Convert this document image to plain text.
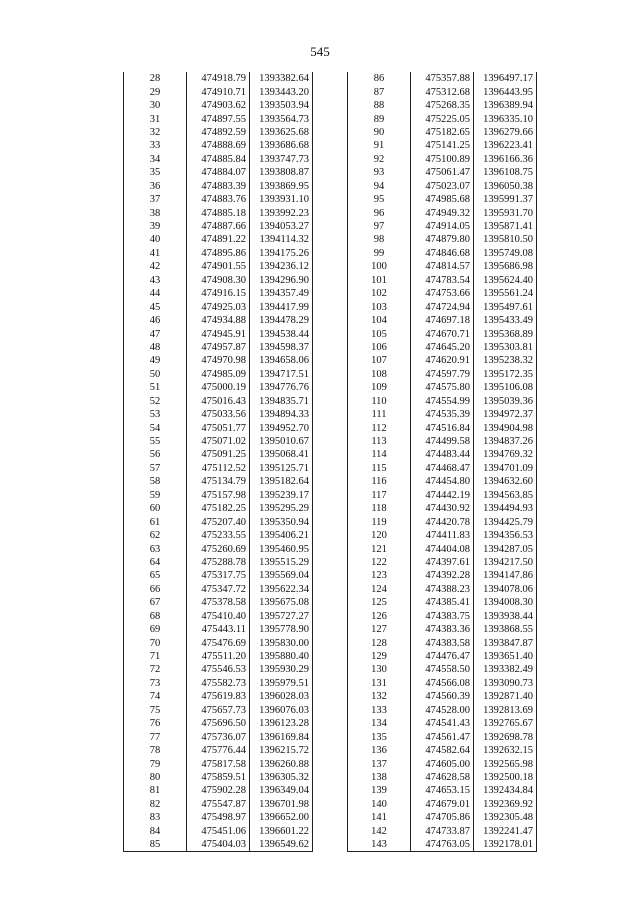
545
28	474918.79	1393382.64
29	474910.71	1393443.20
30	474903.62	1393503.94
31	474897.55	1393564.73
32	474892.59	1393625.68
33	474888.69	1393686.68
34	474885.84	1393747.73
35	474884.07	1393808.87
36	474883.39	1393869.95
37	474883.76	1393931.10
38	474885.18	1393992.23
39	474887.66	1394053.27
40	474891.22	1394114.32
41	474895.86	1394175.26
42	474901.55	1394236.12
43	474908.30	1394296.90
44	474916.15	1394357.49
45	474925.03	1394417.99
46	474934.88	1394478.29
47	474945.91	1394538.44
48	474957.87	1394598.37
49	474970.98	1394658.06
50	474985.09	1394717.51
51	475000.19	1394776.76
52	475016.43	1394835.71
53	475033.56	1394894.33
54	475051.77	1394952.70
55	475071.02	1395010.67
56	475091.25	1395068.41
57	475112.52	1395125.71
58	475134.79	1395182.64
59	475157.98	1395239.17
60	475182.25	1395295.29
61	475207.40	1395350.94
62	475233.55	1395406.21
63	475260.69	1395460.95
64	475288.78	1395515.29
65	475317.75	1395569.04
66	475347.72	1395622.34
67	475378.58	1395675.08
68	475410.40	1395727.27
69	475443.11	1395778.90
70	475476.69	1395830.00
71	475511.20	1395880.40
72	475546.53	1395930.29
73	475582.73	1395979.51
74	475619.83	1396028.03
75	475657.73	1396076.03
76	475696.50	1396123.28
77	475736.07	1396169.84
78	475776.44	1396215.72
79	475817.58	1396260.88
80	475859.51	1396305.32
81	475902.28	1396349.04
82	475547.87	1396701.98
83	475498.97	1396652.00
84	475451.06	1396601.22
85	475404.03	1396549.62
86	475357.88	1396497.17
87	475312.68	1396443.95
88	475268.35	1396389.94
89	475225.05	1396335.10
90	475182.65	1396279.66
91	475141.25	1396223.41
92	475100.89	1396166.36
93	475061.47	1396108.75
94	475023.07	1396050.38
95	474985.68	1395991.37
96	474949.32	1395931.70
97	474914.05	1395871.41
98	474879.80	1395810.50
99	474846.68	1395749.08
100	474814.57	1395686.98
101	474783.54	1395624.40
102	474753.66	1395561.24
103	474724.94	1395497.61
104	474697.18	1395433.49
105	474670.71	1395368.89
106	474645.20	1395303.81
107	474620.91	1395238.32
108	474597.79	1395172.35
109	474575.80	1395106.08
110	474554.99	1395039.36
111	474535.39	1394972.37
112	474516.84	1394904.98
113	474499.58	1394837.26
114	474483.44	1394769.32
115	474468.47	1394701.09
116	474454.80	1394632.60
117	474442.19	1394563.85
118	474430.92	1394494.93
119	474420.78	1394425.79
120	474411.83	1394356.53
121	474404.08	1394287.05
122	474397.61	1394217.50
123	474392.28	1394147.86
124	474388.23	1394078.06
125	474385.41	1394008.30
126	474383.75	1393938.44
127	474383.36	1393868.55
128	474383.58	1393847.87
129	474476.47	1393651.40
130	474558.50	1393382.49
131	474566.08	1393090.73
132	474560.39	1392871.40
133	474528.00	1392813.69
134	474541.43	1392765.67
135	474561.47	1392698.78
136	474582.64	1392632.15
137	474605.00	1392565.98
138	474628.58	1392500.18
139	474653.15	1392434.84
140	474679.01	1392369.92
141	474705.86	1392305.48
142	474733.87	1392241.47
143	474763.05	1392178.01
